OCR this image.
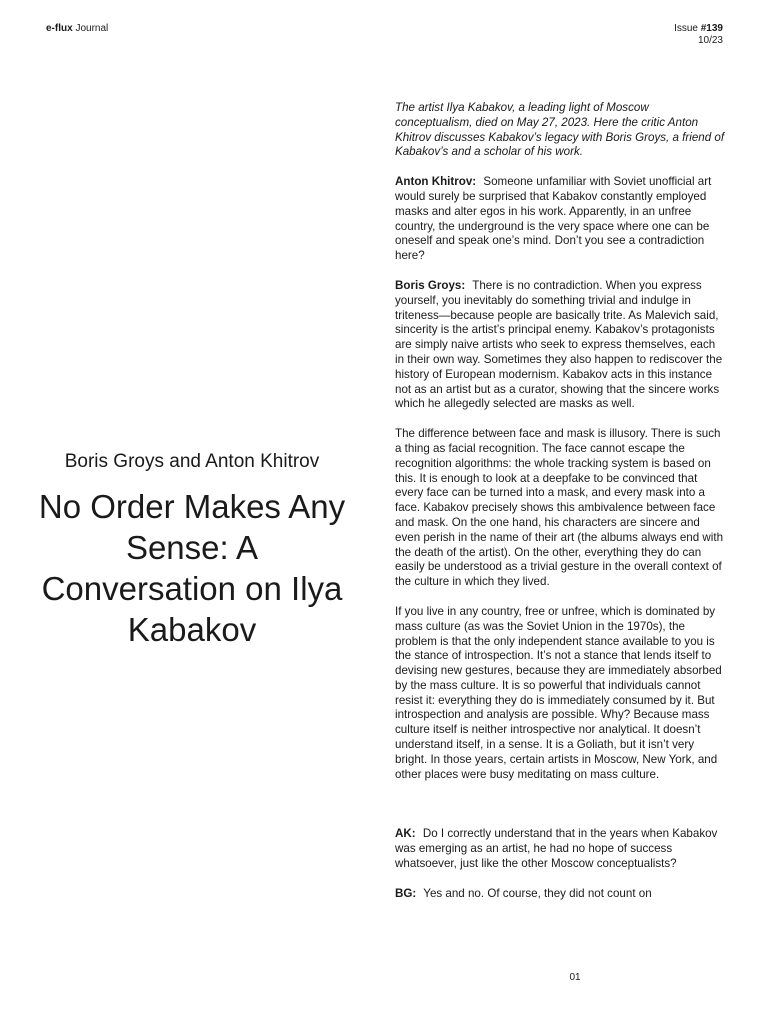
e-flux Journal	Issue #139
10/23

Boris Groys and Anton Khitrov

No Order Makes Any Sense: A Conversation on Ilya Kabakov

The artist Ilya Kabakov, a leading light of Moscow conceptualism, died on May 27, 2023. Here the critic Anton Khitrov discusses Kabakov’s legacy with Boris Groys, a friend of Kabakov’s and a scholar of his work.

Anton Khitrov: Someone unfamiliar with Soviet unofficial art would surely be surprised that Kabakov constantly employed masks and alter egos in his work. Apparently, in an unfree country, the underground is the very space where one can be oneself and speak one’s mind. Don’t you see a contradiction here?

Boris Groys: There is no contradiction. When you express yourself, you inevitably do something trivial and indulge in triteness—because people are basically trite. As Malevich said, sincerity is the artist’s principal enemy. Kabakov’s protagonists are simply naive artists who seek to express themselves, each in their own way. Sometimes they also happen to rediscover the history of European modernism. Kabakov acts in this instance not as an artist but as a curator, showing that the sincere works which he allegedly selected are masks as well.

The difference between face and mask is illusory. There is such a thing as facial recognition. The face cannot escape the recognition algorithms: the whole tracking system is based on this. It is enough to look at a deepfake to be convinced that every face can be turned into a mask, and every mask into a face. Kabakov precisely shows this ambivalence between face and mask. On the one hand, his characters are sincere and even perish in the name of their art (the albums always end with the death of the artist). On the other, everything they do can easily be understood as a trivial gesture in the overall context of the culture in which they lived.

If you live in any country, free or unfree, which is dominated by mass culture (as was the Soviet Union in the 1970s), the problem is that the only independent stance available to you is the stance of introspection. It’s not a stance that lends itself to devising new gestures, because they are immediately absorbed by the mass culture. It is so powerful that individuals cannot resist it: everything they do is immediately consumed by it. But introspection and analysis are possible. Why? Because mass culture itself is neither introspective nor analytical. It doesn’t understand itself, in a sense. It is a Goliath, but it isn’t very bright. In those years, certain artists in Moscow, New York, and other places were busy meditating on mass culture.

AK: Do I correctly understand that in the years when Kabakov was emerging as an artist, he had no hope of success whatsoever, just like the other Moscow conceptualists?

BG: Yes and no. Of course, they did not count on

01
